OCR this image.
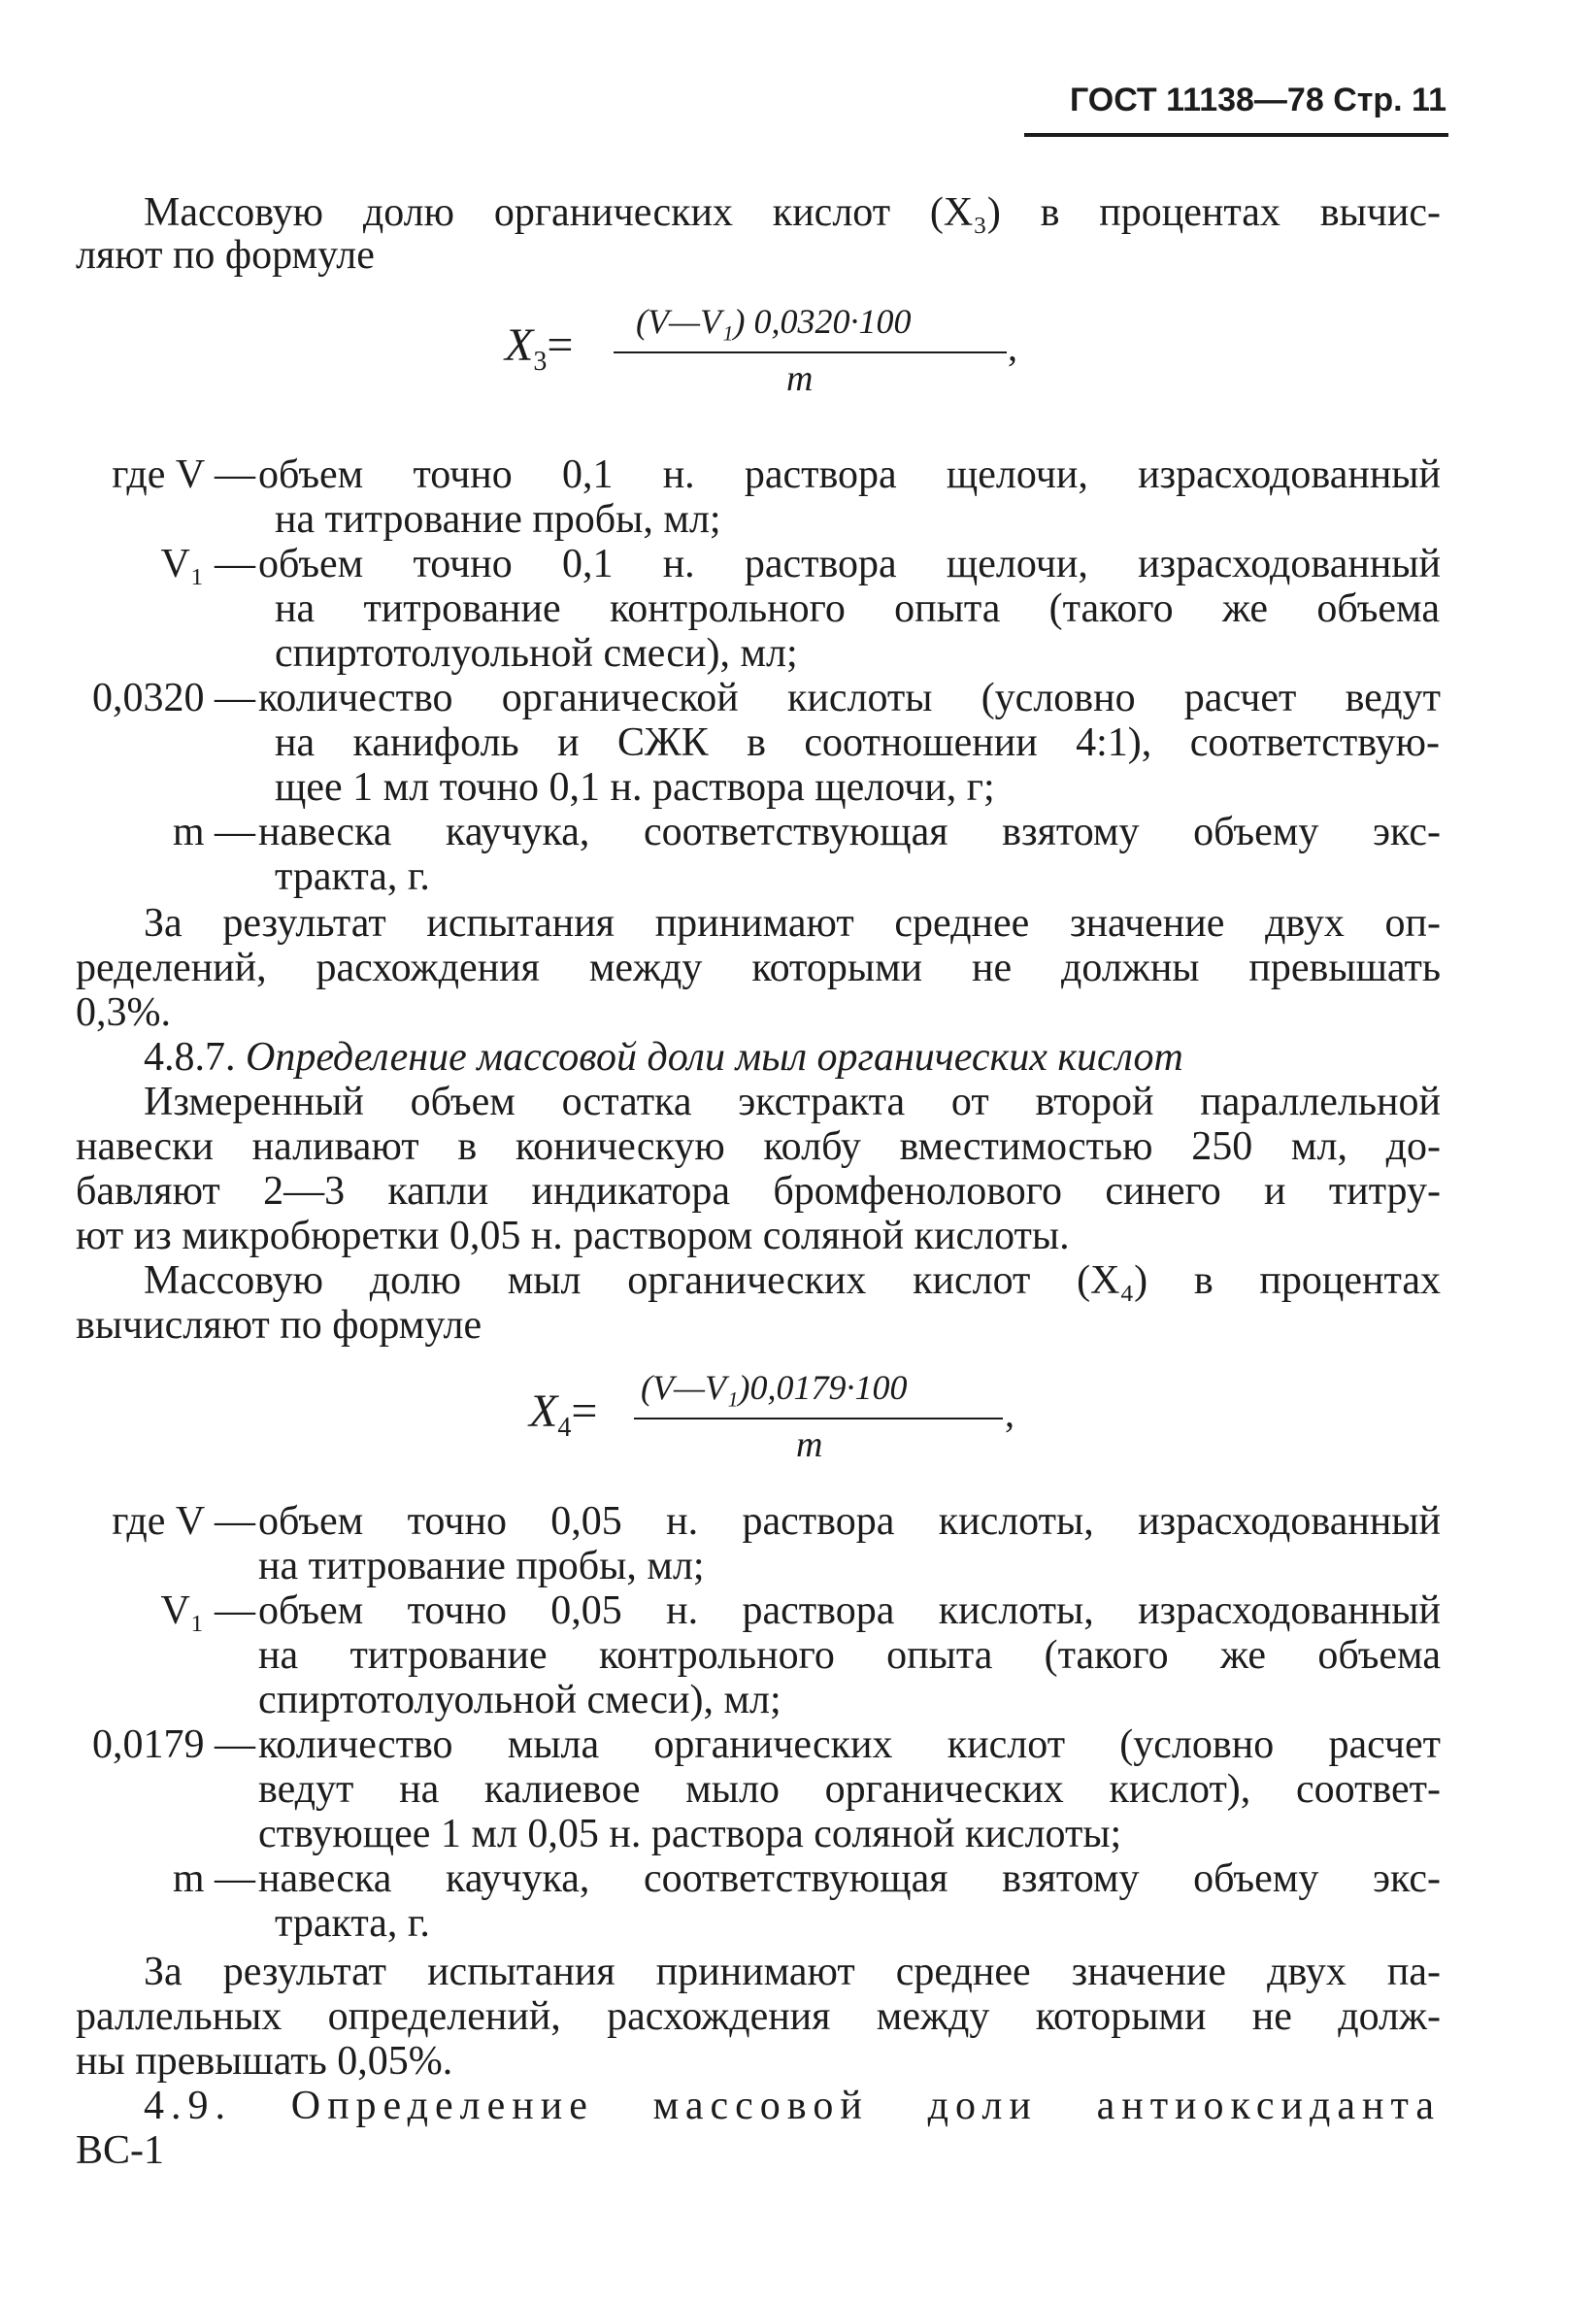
ГОСТ 11138—78 Стр. 11
Массовую долю органических кислот (X₃) в процентах вычис-
ляют по формуле
$X_3=$ (V—V₁) 0,0320·100
m
,
где V — объем точно 0,1 н. раствора щелочи, израсходованный
на титрование пробы, мл;
V₁ — объем точно 0,1 н. раствора щелочи, израсходованный
на титрование контрольного опыта (такого же объема
спиртотолуольной смеси), мл;
0,0320 — количество органической кислоты (условно расчет ведут
на канифоль и СЖК в соотношении 4:1), соответствую-
щее 1 мл точно 0,1 н. раствора щелочи, г;
m — навеска каучука, соответствующая взятому объему экс-
тракта, г.
За результат испытания принимают среднее значение двух оп-
ределений, расхождения между которыми не должны превышать
0,3%.
4.8.7. Определение массовой доли мыл органических кислот
Измеренный объем остатка экстракта от второй параллельной
навески наливают в коническую колбу вместимостью 250 мл, до-
бавляют 2—3 капли индикатора бромфенолового синего и титру-
ют из микробюретки 0,05 н. раствором соляной кислоты.
Массовую долю мыл органических кислот (X₄) в процентах
вычисляют по формуле
$X_4=$ (V—V₁)0,0179·100
m
,
где V — объем точно 0,05 н. раствора кислоты, израсходованный
на титрование пробы, мл;
V₁ — объем точно 0,05 н. раствора кислоты, израсходованный
на титрование контрольного опыта (такого же объема
спиртотолуольной смеси), мл;
0,0179 — количество мыла органических кислот (условно расчет
ведут на калиевое мыло органических кислот), соответ-
ствующее 1 мл 0,05 н. раствора соляной кислоты;
m — навеска каучука, соответствующая взятому объему экс-
тракта, г.
За результат испытания принимают среднее значение двух па-
раллельных определений, расхождения между которыми не долж-
ны превышать 0,05%.
4.9. Определение массовой доли антиоксиданта
ВС-1
